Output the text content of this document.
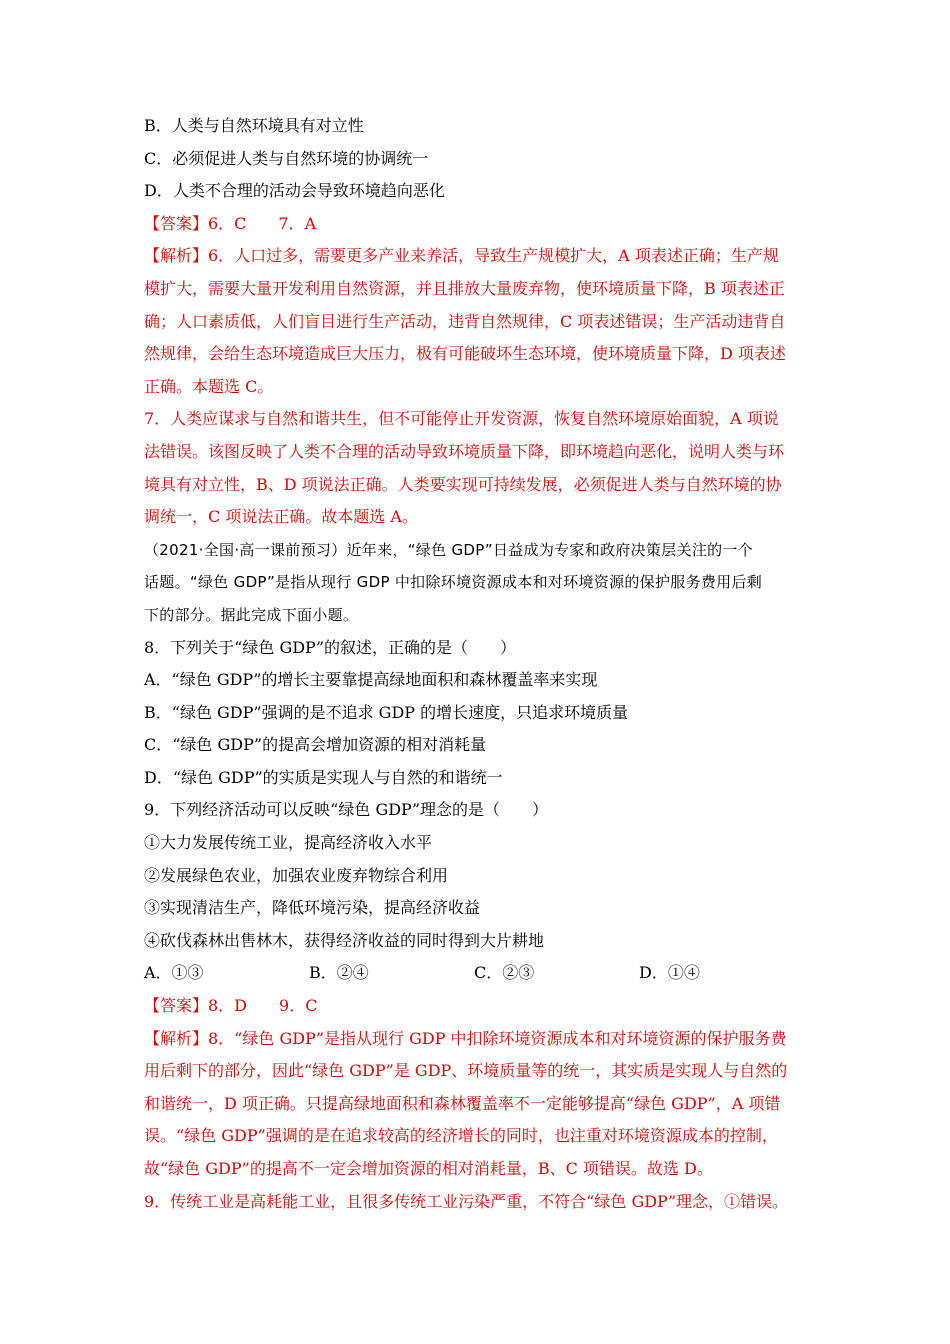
B．人类与自然环境具有对立性
C．必须促进人类与自然环境的协调统一
D．人类不合理的活动会导致环境趋向恶化
【答案】6．C　　7．A
【解析】6．人口过多，需要更多产业来养活，导致生产规模扩大，A 项表述正确；生产规
模扩大，需要大量开发利用自然资源，并且排放大量废弃物，使环境质量下降，B 项表述正
确；人口素质低，人们盲目进行生产活动，违背自然规律，C 项表述错误；生产活动违背自
然规律，会给生态环境造成巨大压力，极有可能破坏生态环境，使环境质量下降，D 项表述
正确。本题选 C。
7．人类应谋求与自然和谐共生，但不可能停止开发资源，恢复自然环境原始面貌，A 项说
法错误。该图反映了人类不合理的活动导致环境质量下降，即环境趋向恶化，说明人类与环
境具有对立性，B、D 项说法正确。人类要实现可持续发展，必须促进人类与自然环境的协
调统一，C 项说法正确。故本题选 A。
（2021·全国·高一课前预习）近年来，“绿色 GDP”日益成为专家和政府决策层关注的一个
话题。“绿色 GDP”是指从现行 GDP 中扣除环境资源成本和对环境资源的保护服务费用后剩
下的部分。据此完成下面小题。
8．下列关于“绿色 GDP”的叙述，正确的是（　　）
A．“绿色 GDP”的增长主要靠提高绿地面积和森林覆盖率来实现
B．“绿色 GDP”强调的是不追求 GDP 的增长速度，只追求环境质量
C．“绿色 GDP”的提高会增加资源的相对消耗量
D．“绿色 GDP”的实质是实现人与自然的和谐统一
9．下列经济活动可以反映“绿色 GDP”理念的是（　　）
①大力发展传统工业，提高经济收入水平
②发展绿色农业，加强农业废弃物综合利用
③实现清洁生产，降低环境污染，提高经济收益
④砍伐森林出售林木，获得经济收益的同时得到大片耕地
A．①③	B．②④	C．②③	D．①④
【答案】8．D　　9．C
【解析】8．“绿色 GDP”是指从现行 GDP 中扣除环境资源成本和对环境资源的保护服务费
用后剩下的部分，因此“绿色 GDP”是 GDP、环境质量等的统一，其实质是实现人与自然的
和谐统一，D 项正确。只提高绿地面积和森林覆盖率不一定能够提高“绿色 GDP”，A 项错
误。“绿色 GDP”强调的是在追求较高的经济增长的同时，也注重对环境资源成本的控制，
故“绿色 GDP”的提高不一定会增加资源的相对消耗量，B、C 项错误。故选 D。
9．传统工业是高耗能工业，且很多传统工业污染严重，不符合“绿色 GDP”理念，①错误。
